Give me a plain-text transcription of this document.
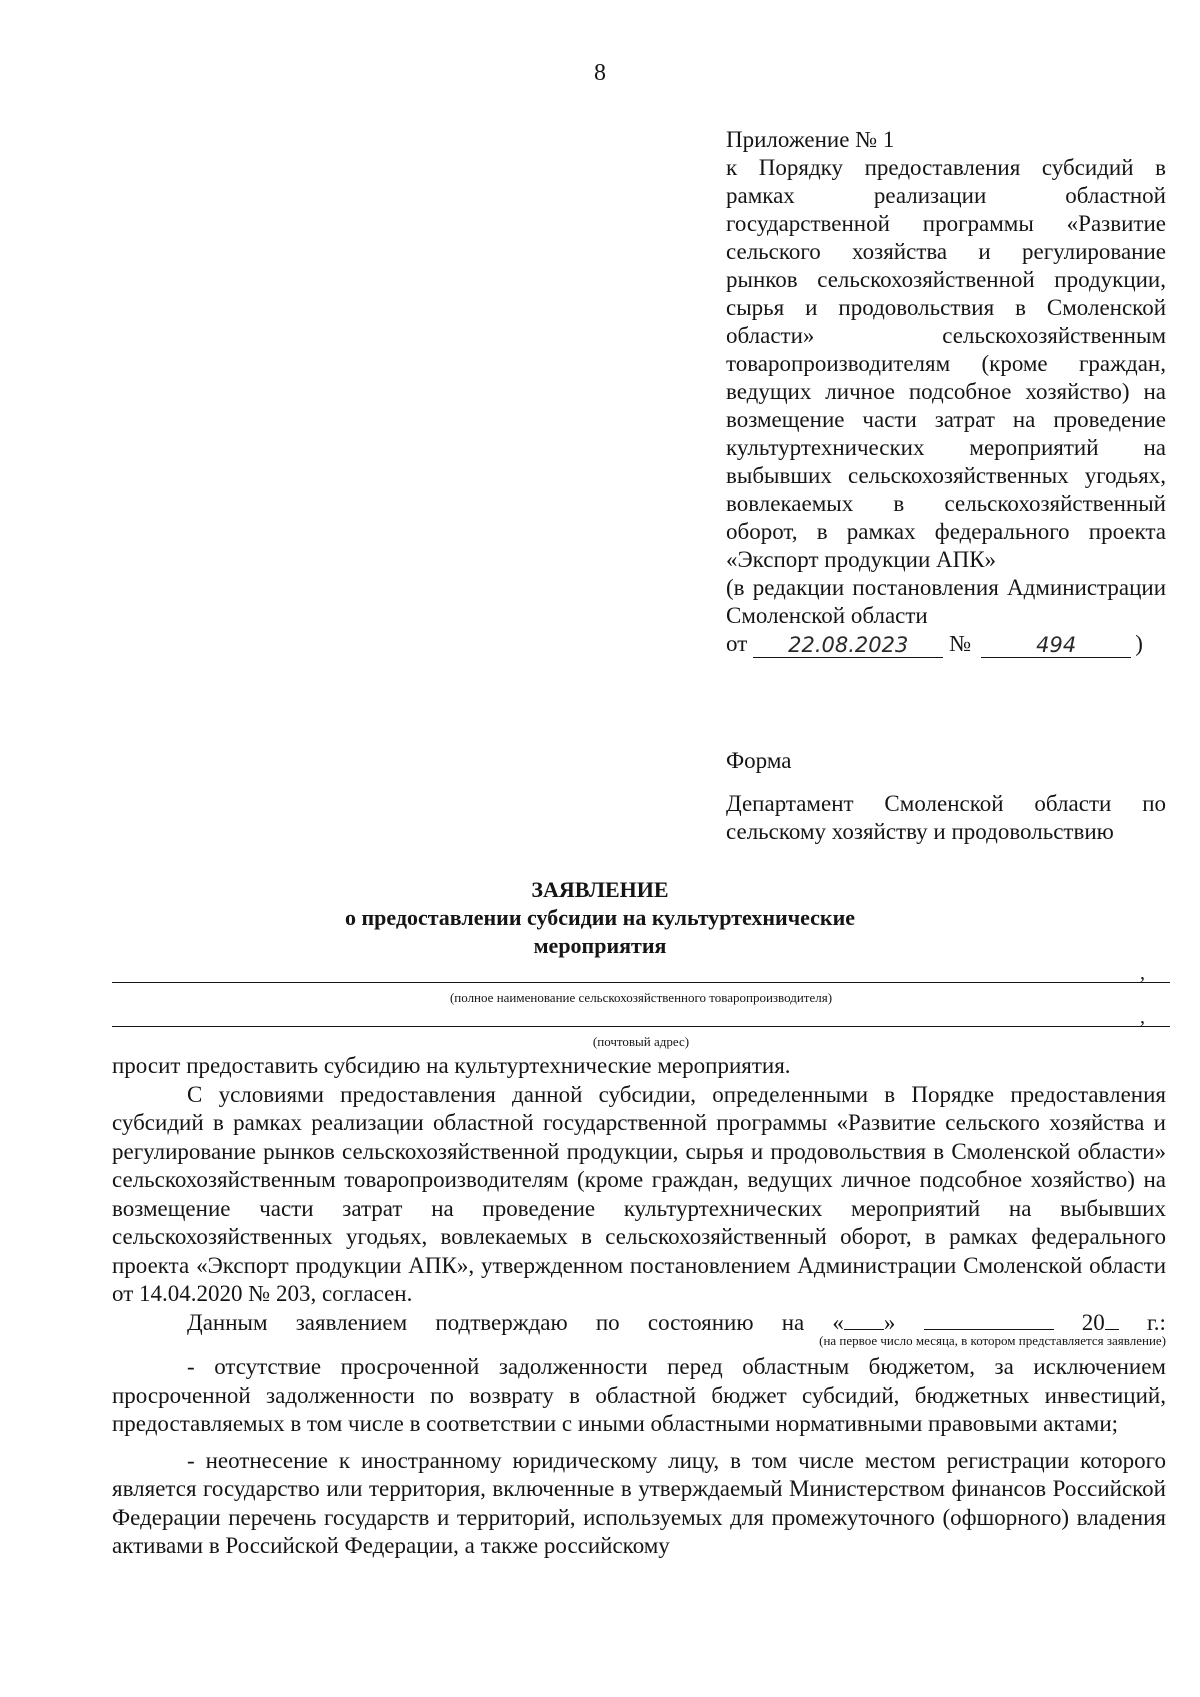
8

Приложение № 1

к Порядку предоставления субсидий в рамках реализации областной государственной программы «Развитие сельского хозяйства и регулирование рынков сельскохозяйственной продукции, сырья и продовольствия в Смоленской области» сельскохозяйственным товаропроизводителям (кроме граждан, ведущих личное подсобное хозяйство) на возмещение части затрат на проведение культуртехнических мероприятий на выбывших сельскохозяйственных угодьях, вовлекаемых в сельскохозяйственный оборот, в рамках федерального проекта «Экспорт продукции АПК»

(в редакции постановления Администрации Смоленской области

от	22.08.2023	№	494	)
Форма
Департамент Смоленской области по сельскому хозяйству и продовольствию
ЗАЯВЛЕНИЕ
о предоставлении субсидии на культуртехнические
мероприятия
,
(полное наименование сельскохозяйственного товаропроизводителя)
,
(почтовый адрес)

просит предоставить субсидию на культуртехнические мероприятия.

С условиями предоставления данной субсидии, определенными в Порядке предоставления субсидий в рамках реализации областной государственной программы «Развитие сельского хозяйства и регулирование рынков сельскохозяйственной продукции, сырья и продовольствия в Смоленской области» сельскохозяйственным товаропроизводителям (кроме граждан, ведущих личное подсобное хозяйство) на возмещение части затрат на проведение культуртехнических мероприятий на выбывших сельскохозяйственных угодьях, вовлекаемых в сельскохозяйственный оборот, в рамках федерального проекта «Экспорт продукции АПК», утвержденном постановлением Администрации Смоленской области от 14.04.2020 № 203, согласен.

Данным заявлением подтверждаю по состоянию на « »	20	г.:
(на первое число месяца, в котором представляется заявление)

- отсутствие просроченной задолженности перед областным бюджетом, за исключением просроченной задолженности по возврату в областной бюджет субсидий, бюджетных инвестиций, предоставляемых в том числе в соответствии с иными областными нормативными правовыми актами;

- неотнесение к иностранному юридическому лицу, в том числе местом регистрации которого является государство или территория, включенные в утверждаемый Министерством финансов Российской Федерации перечень государств и территорий, используемых для промежуточного (офшорного) владения активами в Российской Федерации, а также российскому
